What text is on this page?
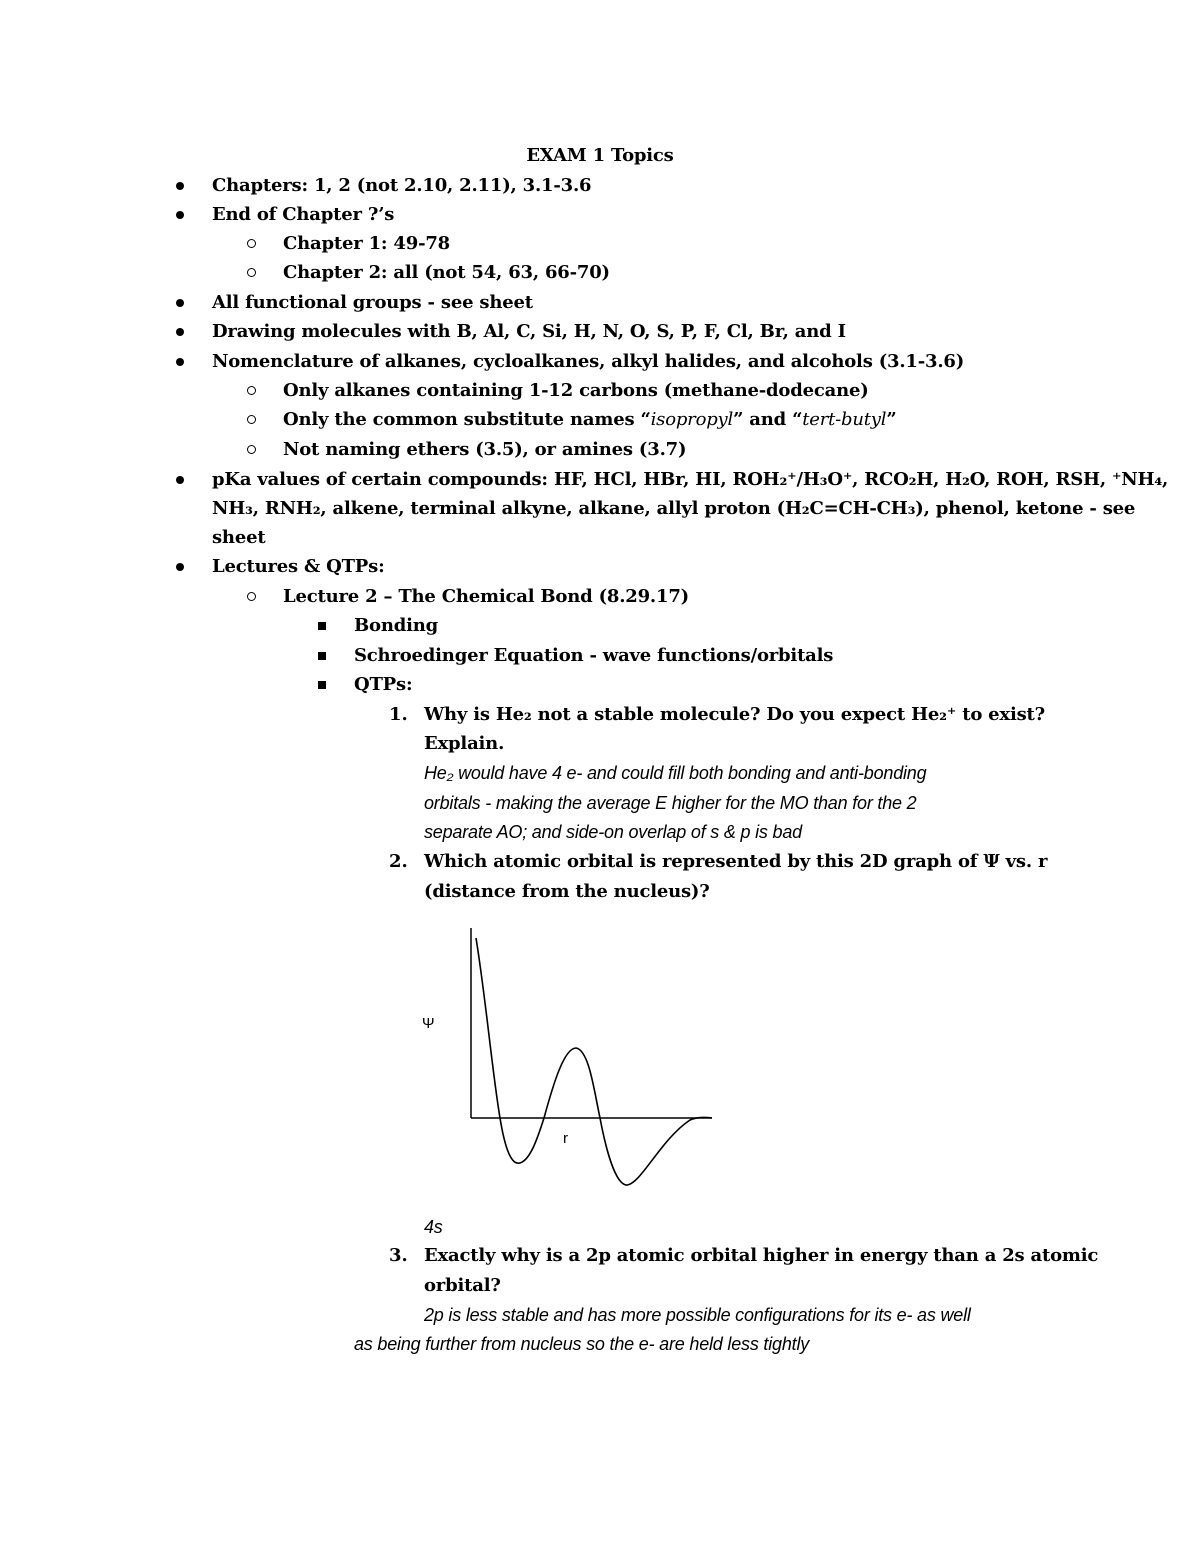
EXAM 1 Topics
Chapters: 1, 2 (not 2.10, 2.11), 3.1-3.6
End of Chapter ?’s
Chapter 1: 49-78
Chapter 2: all (not 54, 63, 66-70)
All functional groups - see sheet
Drawing molecules with B, Al, C, Si, H, N, O, S, P, F, Cl, Br, and I
Nomenclature of alkanes, cycloalkanes, alkyl halides, and alcohols (3.1-3.6)
Only alkanes containing 1-12 carbons (methane-dodecane)
Only the common substitute names “isopropyl” and “tert-butyl”
Not naming ethers (3.5), or amines (3.7)
pKa values of certain compounds: HF, HCl, HBr, HI, ROH₂⁺/H₃O⁺, RCO₂H, H₂O, ROH, RSH, ⁺NH₄,
NH₃, RNH₂, alkene, terminal alkyne, alkane, allyl proton (H₂C=CH-CH₃), phenol, ketone - see
sheet
Lectures & QTPs:
Lecture 2 – The Chemical Bond (8.29.17)
Bonding
Schroedinger Equation - wave functions/orbitals
QTPs:
1. Why is He₂ not a stable molecule? Do you expect He₂⁺ to exist?
Explain.
He₂ would have 4 e- and could fill both bonding and anti-bonding
orbitals - making the average E higher for the MO than for the 2
separate AO; and side-on overlap of s & p is bad
2. Which atomic orbital is represented by this 2D graph of Ψ vs. r
(distance from the nucleus)?
Ψ
r
4s
3. Exactly why is a 2p atomic orbital higher in energy than a 2s atomic
orbital?
2p is less stable and has more possible configurations for its e- as well
as being further from nucleus so the e- are held less tightly
